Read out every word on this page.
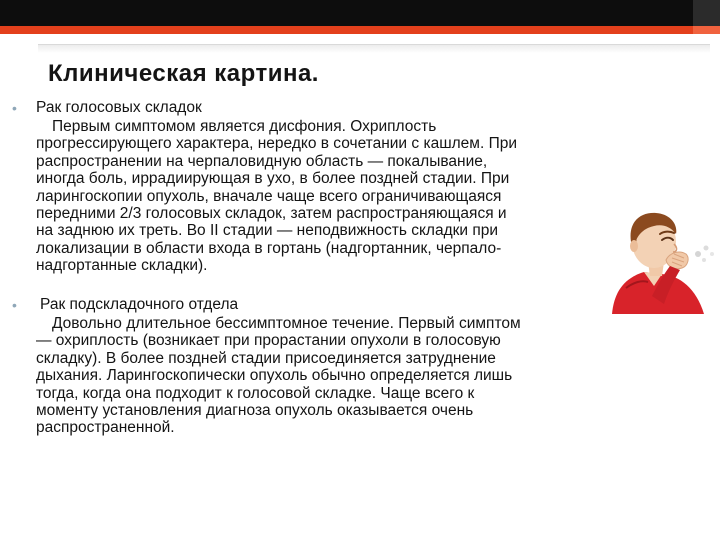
Клиническая картина.
• Рак голосовых складок
Первым симптомом является дисфония. Охриплость
прогрессирующего характера, нередко в сочетании с кашлем. При
распространении на черпаловидную область — покалывание,
иногда боль, иррадиирующая в ухо, в более поздней стадии. При
ларингоскопии опухоль, вначале чаще всего ограничивающаяся
передними 2/3 голосовых складок, затем распространяющаяся и
на заднюю их треть. Во II стадии — неподвижность складки при
локализации в области входа в гортань (надгортанник, черпало-
надгортанные складки).
• Рак подскладочного отдела
Довольно длительное бессимптомное течение. Первый симптом
— охриплость (возникает при прорастании опухоли в голосовую
складку). В более поздней стадии присоединяется затруднение
дыхания. Ларингоскопически опухоль обычно определяется лишь
тогда, когда она подходит к голосовой складке. Чаще всего к
моменту установления диагноза опухоль оказывается очень
распространенной.
